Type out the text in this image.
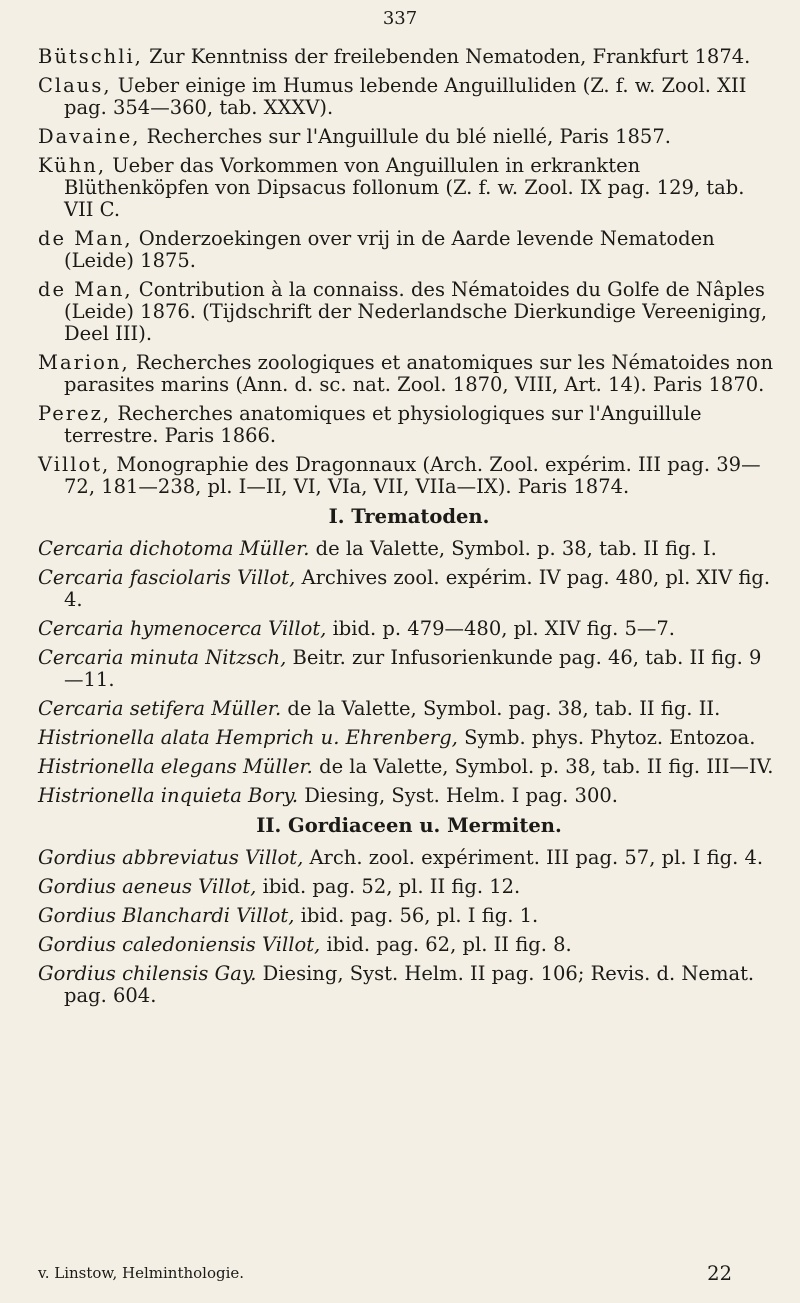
337

Bütschli, Zur Kenntniss der freilebenden Nematoden, Frankfurt 1874.

Claus, Ueber einige im Humus lebende Anguilluliden (Z. f. w. Zool. XII pag. 354—360, tab. XXXV).

Davaine, Recherches sur l'Anguillule du blé niellé, Paris 1857.

Kühn, Ueber das Vorkommen von Anguillulen in erkrankten Blüthenköpfen von Dipsacus follonum (Z. f. w. Zool. IX pag. 129, tab. VII C.

de Man, Onderzoekingen over vrij in de Aarde levende Nematoden (Leide) 1875.

de Man, Contribution à la connaiss. des Nématoides du Golfe de Nâples (Leide) 1876. (Tijdschrift der Nederlandsche Dierkundige Vereeniging, Deel III).

Marion, Recherches zoologiques et anatomiques sur les Nématoides non parasites marins (Ann. d. sc. nat. Zool. 1870, VIII, Art. 14). Paris 1870.

Perez, Recherches anatomiques et physiologiques sur l'Anguillule terrestre. Paris 1866.

Villot, Monographie des Dragonnaux (Arch. Zool. expérim. III pag. 39—72, 181—238, pl. I—II, VI, VIa, VII, VIIa—IX). Paris 1874.

I. Trematoden.

Cercaria dichotoma Müller. de la Valette, Symbol. p. 38, tab. II fig. I.

Cercaria fasciolaris Villot, Archives zool. expérim. IV pag. 480, pl. XIV fig. 4.

Cercaria hymenocerca Villot, ibid. p. 479—480, pl. XIV fig. 5—7.

Cercaria minuta Nitzsch, Beitr. zur Infusorienkunde pag. 46, tab. II fig. 9—11.

Cercaria setifera Müller. de la Valette, Symbol. pag. 38, tab. II fig. II.

Histrionella alata Hemprich u. Ehrenberg, Symb. phys. Phytoz. Entozoa.

Histrionella elegans Müller. de la Valette, Symbol. p. 38, tab. II fig. III—IV.

Histrionella inquieta Bory. Diesing, Syst. Helm. I pag. 300.

II. Gordiaceen u. Mermiten.

Gordius abbreviatus Villot, Arch. zool. expériment. III pag. 57, pl. I fig. 4.

Gordius aeneus Villot, ibid. pag. 52, pl. II fig. 12.

Gordius Blanchardi Villot, ibid. pag. 56, pl. I fig. 1.

Gordius caledoniensis Villot, ibid. pag. 62, pl. II fig. 8.

Gordius chilensis Gay. Diesing, Syst. Helm. II pag. 106; Revis. d. Nemat. pag. 604.

v. Linstow, Helminthologie.	22
